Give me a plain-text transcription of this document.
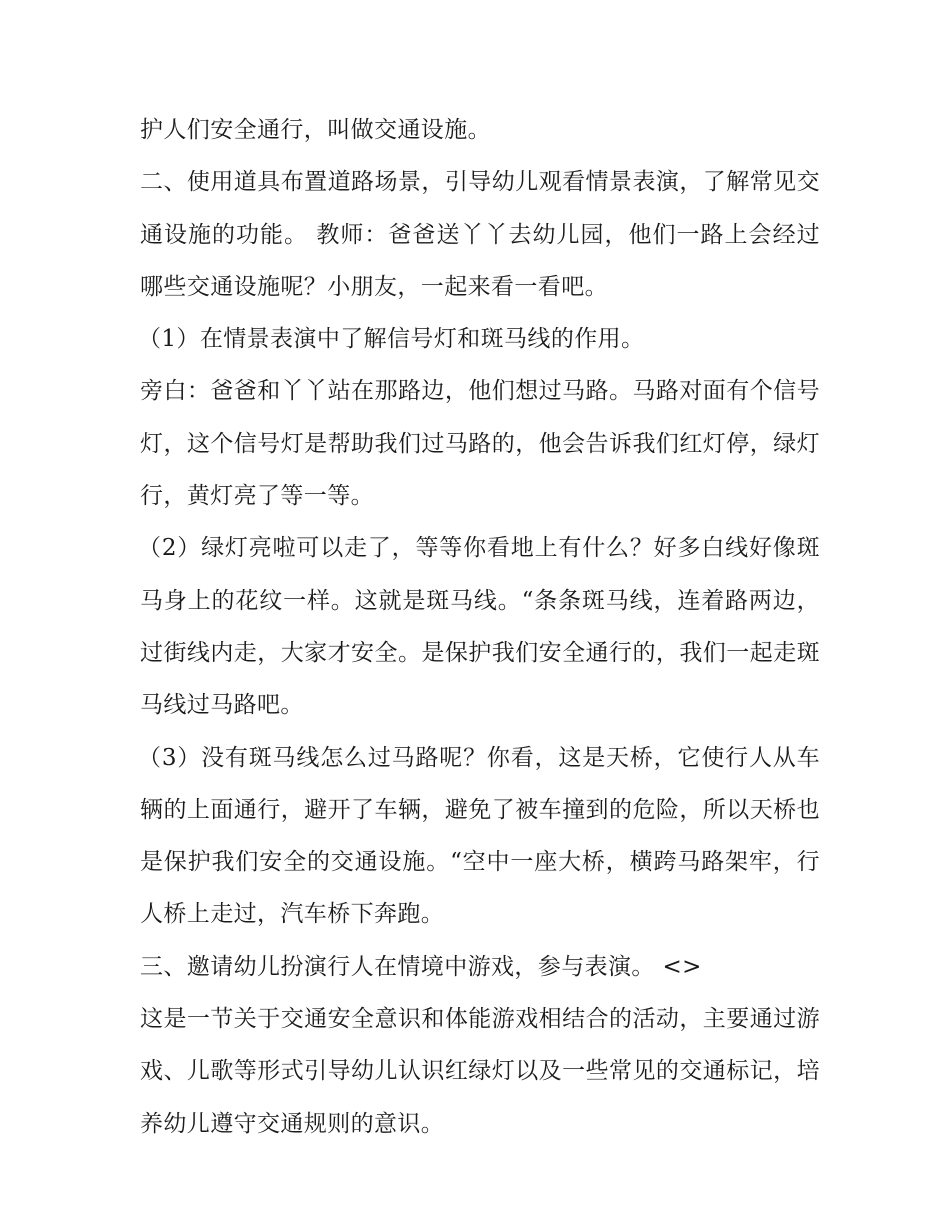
护人们安全通行，叫做交通设施。

二、使用道具布置道路场景，引导幼儿观看情景表演，了解常见交通设施的功能。 教师：爸爸送丫丫去幼儿园，他们一路上会经过哪些交通设施呢？小朋友，一起来看一看吧。

（1）在情景表演中了解信号灯和斑马线的作用。

旁白：爸爸和丫丫站在那路边，他们想过马路。马路对面有个信号灯，这个信号灯是帮助我们过马路的，他会告诉我们红灯停，绿灯行，黄灯亮了等一等。

（2）绿灯亮啦可以走了，等等你看地上有什么？好多白线好像斑马身上的花纹一样。这就是斑马线。“条条斑马线，连着路两边，过街线内走，大家才安全。是保护我们安全通行的，我们一起走斑马线过马路吧。

（3）没有斑马线怎么过马路呢？你看，这是天桥，它使行人从车辆的上面通行，避开了车辆，避免了被车撞到的危险，所以天桥也是保护我们安全的交通设施。“空中一座大桥，横跨马路架牢，行人桥上走过，汽车桥下奔跑。

三、邀请幼儿扮演行人在情境中游戏，参与表演。 <>

这是一节关于交通安全意识和体能游戏相结合的活动，主要通过游戏、儿歌等形式引导幼儿认识红绿灯以及一些常见的交通标记，培养幼儿遵守交通规则的意识。
